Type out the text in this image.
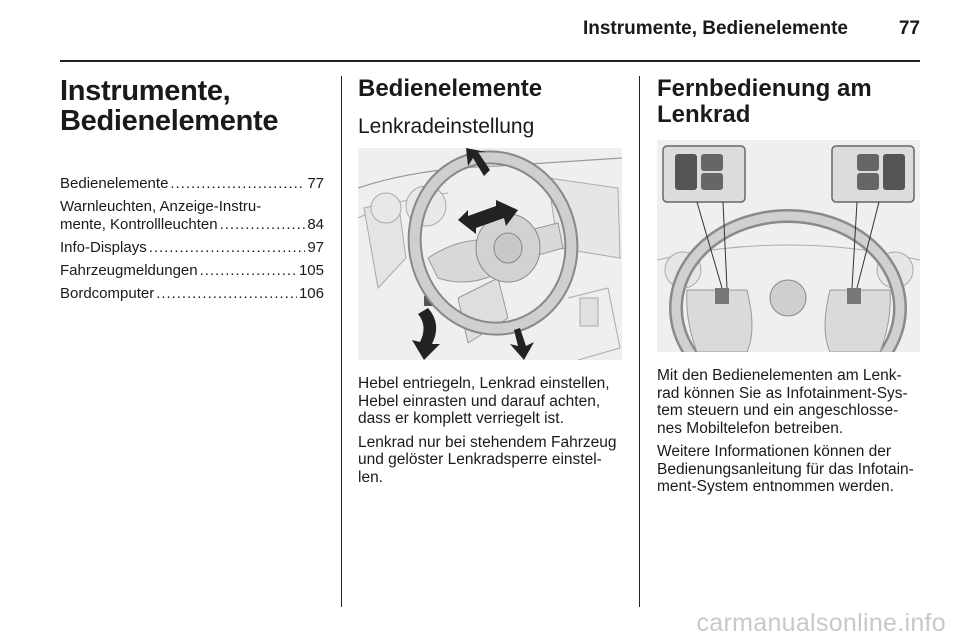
Instrumente, Bedienelemente	77
Instrumente,
Bedienelemente
Bedienelemente . . .	77
Warnleuchten, Anzeige-Instru-
mente, Kontrollleuchten . . .	84
Info-Displays . . .	97
Fahrzeugmeldungen . . .	105
Bordcomputer . . .	106
Bedienelemente
Lenkradeinstellung

Hebel entriegeln, Lenkrad einstellen, Hebel einrasten und darauf achten, dass er komplett verriegelt ist.

Lenkrad nur bei stehendem Fahrzeug und gelöster Lenkradsperre einstel-len.

Fernbedienung am
Lenkrad

Mit den Bedienelementen am Lenk-rad können Sie as Infotainment-Sys-tem steuern und ein angeschlosse-nes Mobiltelefon betreiben.

Weitere Informationen können der Bedienungsanleitung für das Infotain-ment-System entnommen werden.

carmanualsonline.info
